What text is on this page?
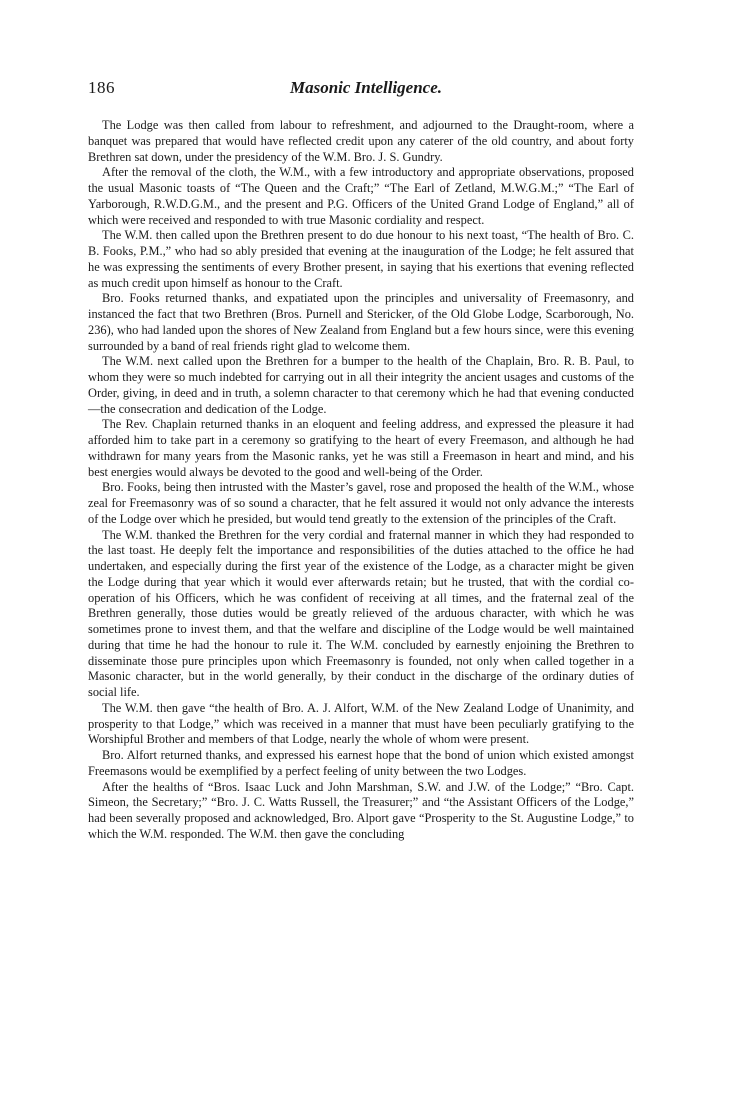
186	Masonic Intelligence.

The Lodge was then called from labour to refreshment, and adjourned to the Draught-room, where a banquet was prepared that would have reflected credit upon any caterer of the old country, and about forty Brethren sat down, under the presidency of the W.M. Bro. J. S. Gundry.

After the removal of the cloth, the W.M., with a few introductory and appropriate observations, proposed the usual Masonic toasts of “The Queen and the Craft;” “The Earl of Zetland, M.W.G.M.;” “The Earl of Yarborough, R.W.D.G.M., and the present and P.G. Officers of the United Grand Lodge of England,” all of which were received and responded to with true Masonic cordiality and respect.

The W.M. then called upon the Brethren present to do due honour to his next toast, “The health of Bro. C. B. Fooks, P.M.,” who had so ably presided that evening at the inauguration of the Lodge; he felt assured that he was expressing the sentiments of every Brother present, in saying that his exertions that evening reflected as much credit upon himself as honour to the Craft.

Bro. Fooks returned thanks, and expatiated upon the principles and universality of Freemasonry, and instanced the fact that two Brethren (Bros. Purnell and Stericker, of the Old Globe Lodge, Scarborough, No. 236), who had landed upon the shores of New Zealand from England but a few hours since, were this evening surrounded by a band of real friends right glad to welcome them.

The W.M. next called upon the Brethren for a bumper to the health of the Chaplain, Bro. R. B. Paul, to whom they were so much indebted for carrying out in all their integrity the ancient usages and customs of the Order, giving, in deed and in truth, a solemn character to that ceremony which he had that evening conducted—the consecration and dedication of the Lodge.

The Rev. Chaplain returned thanks in an eloquent and feeling address, and expressed the pleasure it had afforded him to take part in a ceremony so gratifying to the heart of every Freemason, and although he had withdrawn for many years from the Masonic ranks, yet he was still a Freemason in heart and mind, and his best energies would always be devoted to the good and well-being of the Order.

Bro. Fooks, being then intrusted with the Master’s gavel, rose and proposed the health of the W.M., whose zeal for Freemasonry was of so sound a character, that he felt assured it would not only advance the interests of the Lodge over which he presided, but would tend greatly to the extension of the principles of the Craft.

The W.M. thanked the Brethren for the very cordial and fraternal manner in which they had responded to the last toast. He deeply felt the importance and responsibilities of the duties attached to the office he had undertaken, and especially during the first year of the existence of the Lodge, as a character might be given the Lodge during that year which it would ever afterwards retain; but he trusted, that with the cordial co-operation of his Officers, which he was confident of receiving at all times, and the fraternal zeal of the Brethren generally, those duties would be greatly relieved of the arduous character, with which he was sometimes prone to invest them, and that the welfare and discipline of the Lodge would be well maintained during that time he had the honour to rule it. The W.M. concluded by earnestly enjoining the Brethren to disseminate those pure principles upon which Freemasonry is founded, not only when called together in a Masonic character, but in the world generally, by their conduct in the discharge of the ordinary duties of social life.

The W.M. then gave “the health of Bro. A. J. Alfort, W.M. of the New Zealand Lodge of Unanimity, and prosperity to that Lodge,” which was received in a manner that must have been peculiarly gratifying to the Worshipful Brother and members of that Lodge, nearly the whole of whom were present.

Bro. Alfort returned thanks, and expressed his earnest hope that the bond of union which existed amongst Freemasons would be exemplified by a perfect feeling of unity between the two Lodges.

After the healths of “Bros. Isaac Luck and John Marshman, S.W. and J.W. of the Lodge;” “Bro. Capt. Simeon, the Secretary;” “Bro. J. C. Watts Russell, the Treasurer;” and “the Assistant Officers of the Lodge,” had been severally proposed and acknowledged, Bro. Alport gave “Prosperity to the St. Augustine Lodge,” to which the W.M. responded. The W.M. then gave the concluding
